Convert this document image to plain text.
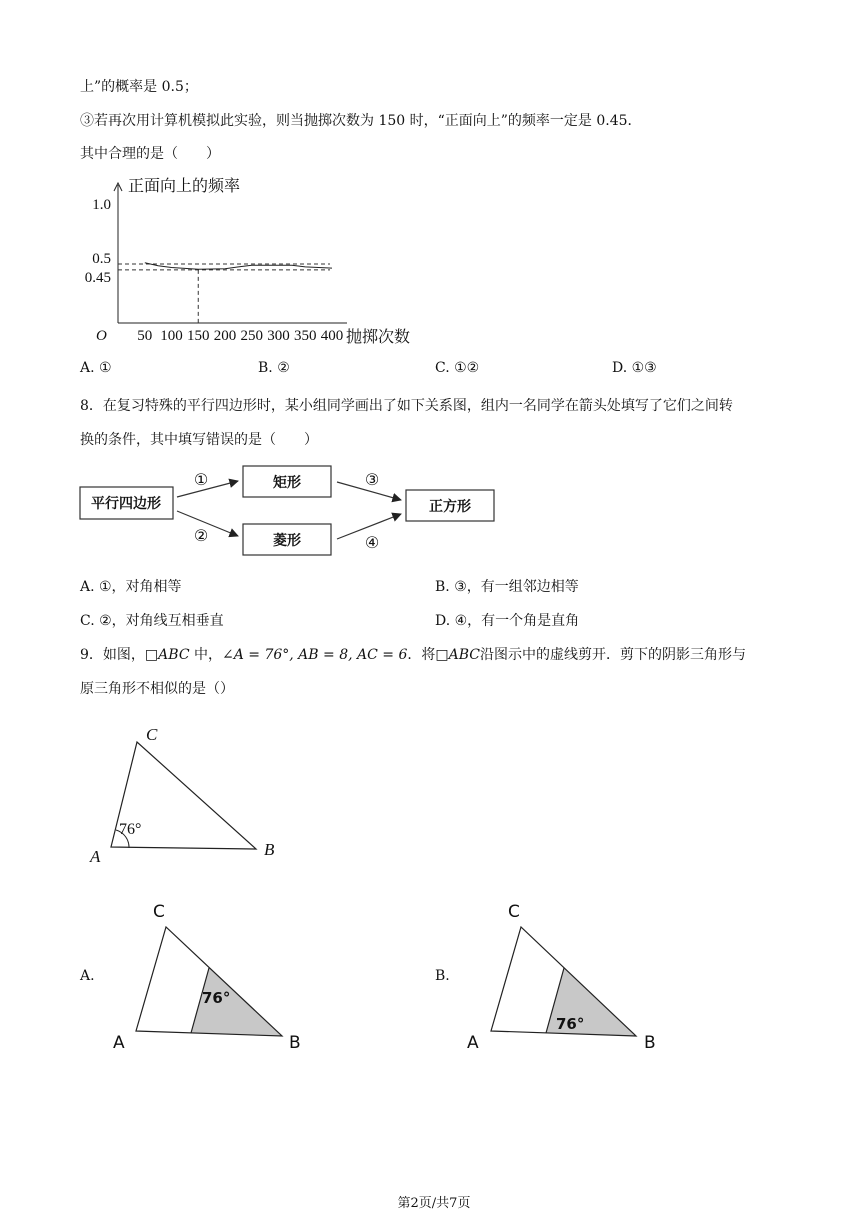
上”的概率是 0.5；
③若再次用计算机模拟此实验，则当抛掷次数为 150 时，“正面向上”的频率一定是 0.45．
其中合理的是（　　）
正面向上的频率
抛掷次数
O 50 100 150 200 250 300 350 400
1.0
0.5
0.45
A. ①	B. ②	C. ①②	D. ①③
8．在复习特殊的平行四边形时，某小组同学画出了如下关系图，组内一名同学在箭头处填写了它们之间转
换的条件，其中填写错误的是（　　）
平行四边形
矩形
菱形
正方形
①
②
③
④
A. ①，对角相等	B. ③，有一组邻边相等
C. ②，对角线互相垂直	D. ④，有一个角是直角
9．如图，□ABC 中，∠A = 76°, AB = 8, AC = 6．将□ABC沿图示中的虚线剪开．剪下的阴影三角形与
原三角形不相似的是（）
76°
C
A	B
A.
76°
C
A	B
B.
76°
C
A	B
第2页/共7页
